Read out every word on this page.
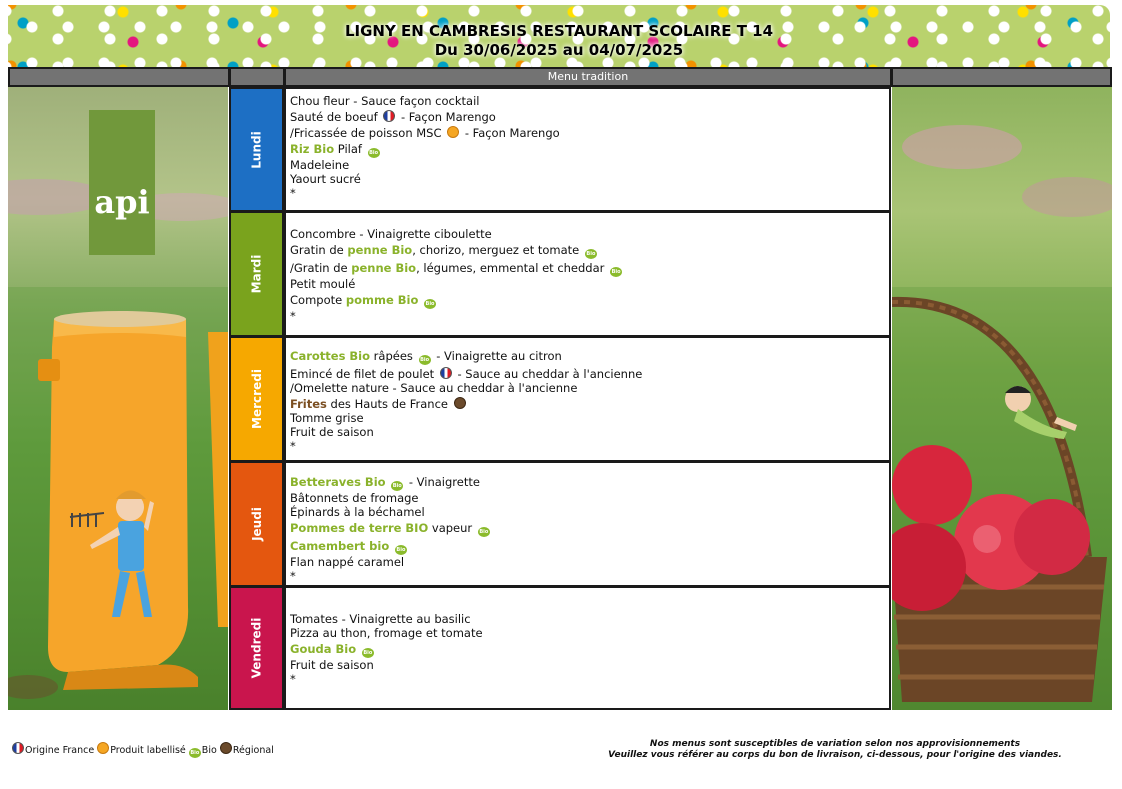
LIGNY EN CAMBRESIS RESTAURANT SCOLAIRE T 14
Du 30/06/2025 au 04/07/2025
Menu tradition
api
Lundi
Mardi
Mercredi
Jeudi
Vendredi
Chou fleur - Sauce façon cocktail
Sauté de boeuf  - Façon Marengo
/Fricassée de poisson MSC  - Façon Marengo
Riz Bio Pilaf Bio
Madeleine
Yaourt sucré
*
Concombre - Vinaigrette ciboulette
Gratin de penne Bio, chorizo, merguez et tomate Bio
/Gratin de penne Bio, légumes, emmental et cheddar Bio
Petit moulé
Compote pomme Bio Bio
*
Carottes Bio râpées Bio - Vinaigrette au citron
Emincé de filet de poulet  - Sauce au cheddar à l'ancienne
/Omelette nature - Sauce au cheddar à l'ancienne
Frites des Hauts de France
Tomme grise
Fruit de saison
*
Betteraves Bio Bio - Vinaigrette
Bâtonnets de fromage
Épinards à la béchamel
Pommes de terre BIO vapeur Bio
Camembert bio Bio
Flan nappé caramel
*
Tomates - Vinaigrette au basilic
Pizza au thon, fromage et tomate
Gouda Bio Bio
Fruit de saison
*
Origine France Produit labellisé Bio Bio Régional
Nos menus sont susceptibles de variation selon nos approvisionnements
Veuillez vous référer au corps du bon de livraison, ci-dessous, pour l'origine des viandes.
